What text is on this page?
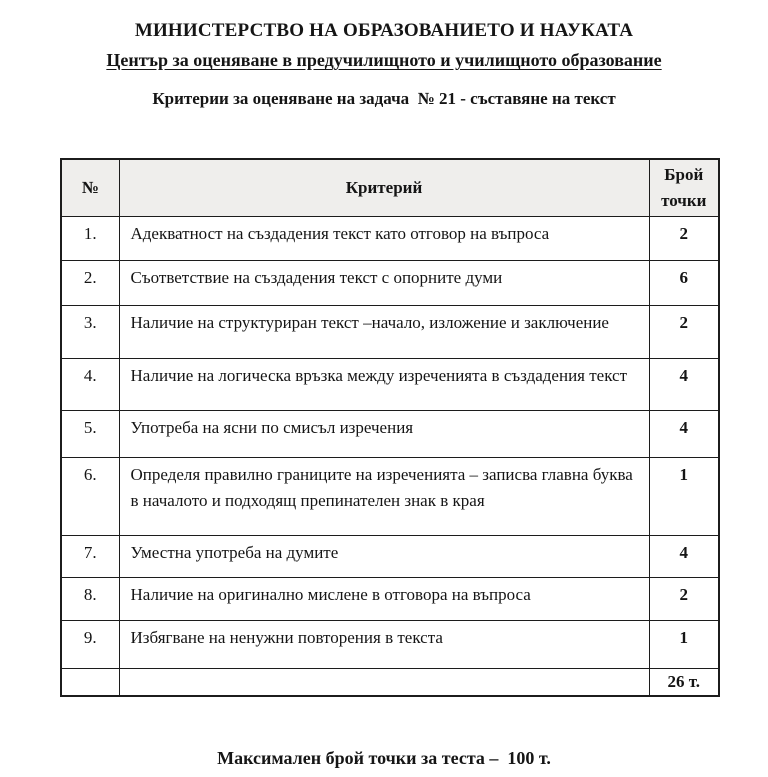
МИНИСТЕРСТВО НА ОБРАЗОВАНИЕТО И НАУКАТА
Център за оценяване в предучилищното и училищното образование
Критерии за оценяване на задача  № 21 - съставяне на текст
№	Критерий	Брой точки
1.	Адекватност на създадения текст като отговор на въпроса	2
2.	Съответствие на създадения текст с опорните думи	6
3.	Наличие на структуриран текст –начало, изложение и заключение	2
4.	Наличие на логическа връзка между изреченията в създадения текст	4
5.	Употреба на ясни по смисъл изречения	4
6.	Определя правилно границите на изреченията – записва главна буква в началото и подходящ препинателен знак в края	1
7.	Уместна употреба на думите	4
8.	Наличие на оригинално мислене в отговора на въпроса	2
9.	Избягване на ненужни повторения в текста	1
		26 т.
Максимален брой точки за теста –  100 т.
